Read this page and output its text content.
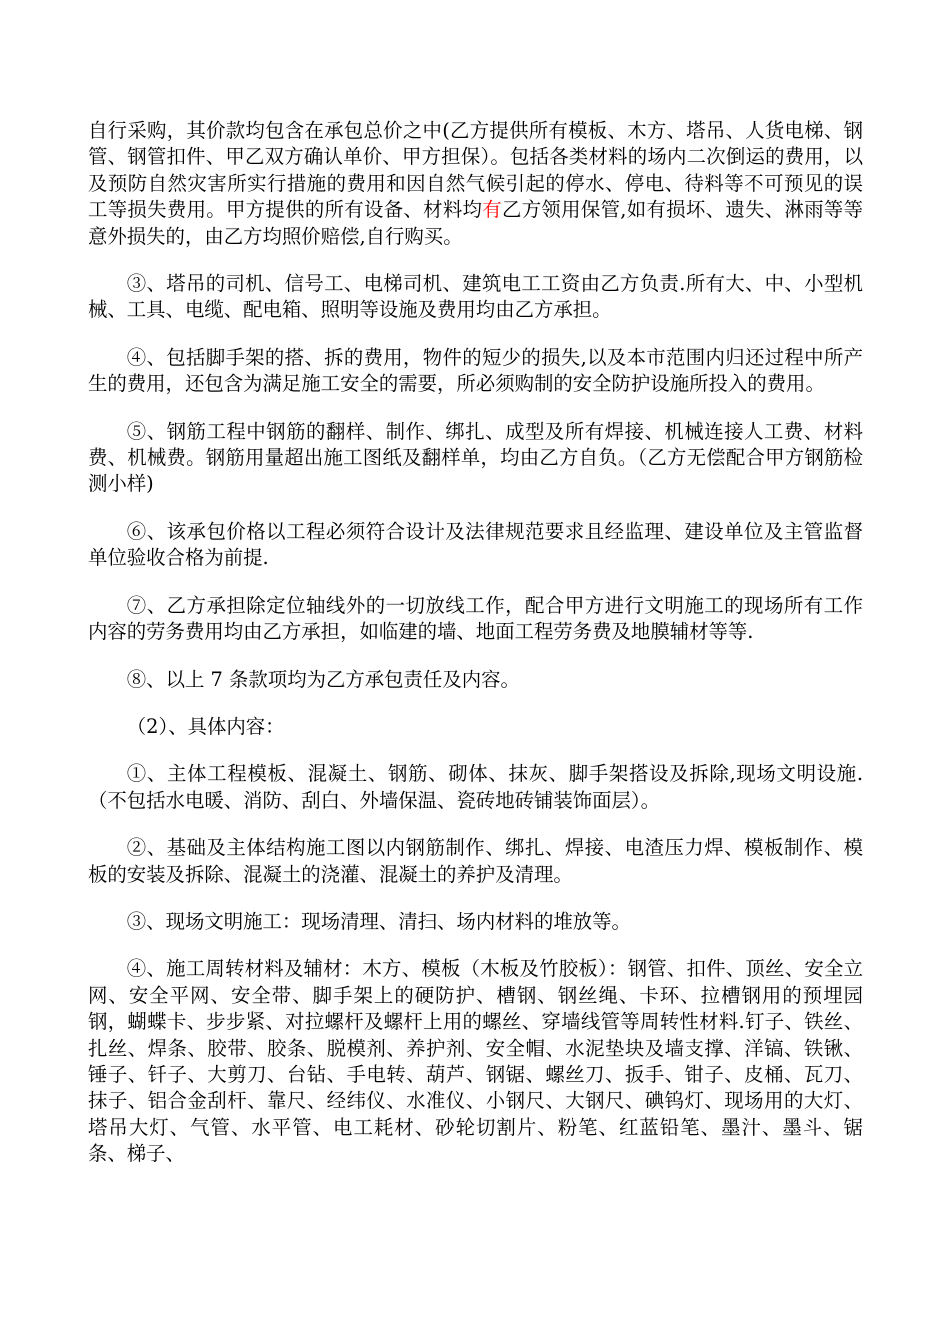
自行采购，其价款均包含在承包总价之中(乙方提供所有模板、木方、塔吊、人货电梯、钢管、钢管扣件、甲乙双方确认单价、甲方担保）。包括各类材料的场内二次倒运的费用，以及预防自然灾害所实行措施的费用和因自然气候引起的停水、停电、待料等不可预见的误工等损失费用。甲方提供的所有设备、材料均有乙方领用保管,如有损坏、遗失、淋雨等等意外损失的，由乙方均照价赔偿,自行购买。

③、塔吊的司机、信号工、电梯司机、建筑电工工资由乙方负责.所有大、中、小型机械、工具、电缆、配电箱、照明等设施及费用均由乙方承担。

④、包括脚手架的搭、拆的费用，物件的短少的损失,以及本市范围内归还过程中所产生的费用，还包含为满足施工安全的需要，所必须购制的安全防护设施所投入的费用。

⑤、钢筋工程中钢筋的翻样、制作、绑扎、成型及所有焊接、机械连接人工费、材料费、机械费。钢筋用量超出施工图纸及翻样单，均由乙方自负。（乙方无偿配合甲方钢筋检测小样)

⑥、该承包价格以工程必须符合设计及法律规范要求且经监理、建设单位及主管监督单位验收合格为前提.

⑦、乙方承担除定位轴线外的一切放线工作，配合甲方进行文明施工的现场所有工作内容的劳务费用均由乙方承担，如临建的墙、地面工程劳务费及地膜辅材等等.

⑧、以上 7 条款项均为乙方承包责任及内容。

（2）、具体内容：

①、主体工程模板、混凝土、钢筋、砌体、抹灰、脚手架搭设及拆除,现场文明设施.（不包括水电暖、消防、刮白、外墙保温、瓷砖地砖铺装饰面层）。

②、基础及主体结构施工图以内钢筋制作、绑扎、焊接、电渣压力焊、模板制作、模板的安装及拆除、混凝土的浇灌、混凝土的养护及清理。

③、现场文明施工：现场清理、清扫、场内材料的堆放等。

④、施工周转材料及辅材：木方、模板（木板及竹胶板）：钢管、扣件、顶丝、安全立网、安全平网、安全带、脚手架上的硬防护、槽钢、钢丝绳、卡环、拉槽钢用的预埋园钢，蝴蝶卡、步步紧、对拉螺杆及螺杆上用的螺丝、穿墙线管等周转性材料.钉子、铁丝、扎丝、焊条、胶带、胶条、脱模剂、养护剂、安全帽、水泥垫块及墙支撑、洋镐、铁锹、锤子、钎子、大剪刀、台钻、手电转、葫芦、钢锯、螺丝刀、扳手、钳子、皮桶、瓦刀、抹子、铝合金刮杆、靠尺、经纬仪、水准仪、小钢尺、大钢尺、碘钨灯、现场用的大灯、塔吊大灯、气管、水平管、电工耗材、砂轮切割片、粉笔、红蓝铅笔、墨汁、墨斗、锯条、梯子、
